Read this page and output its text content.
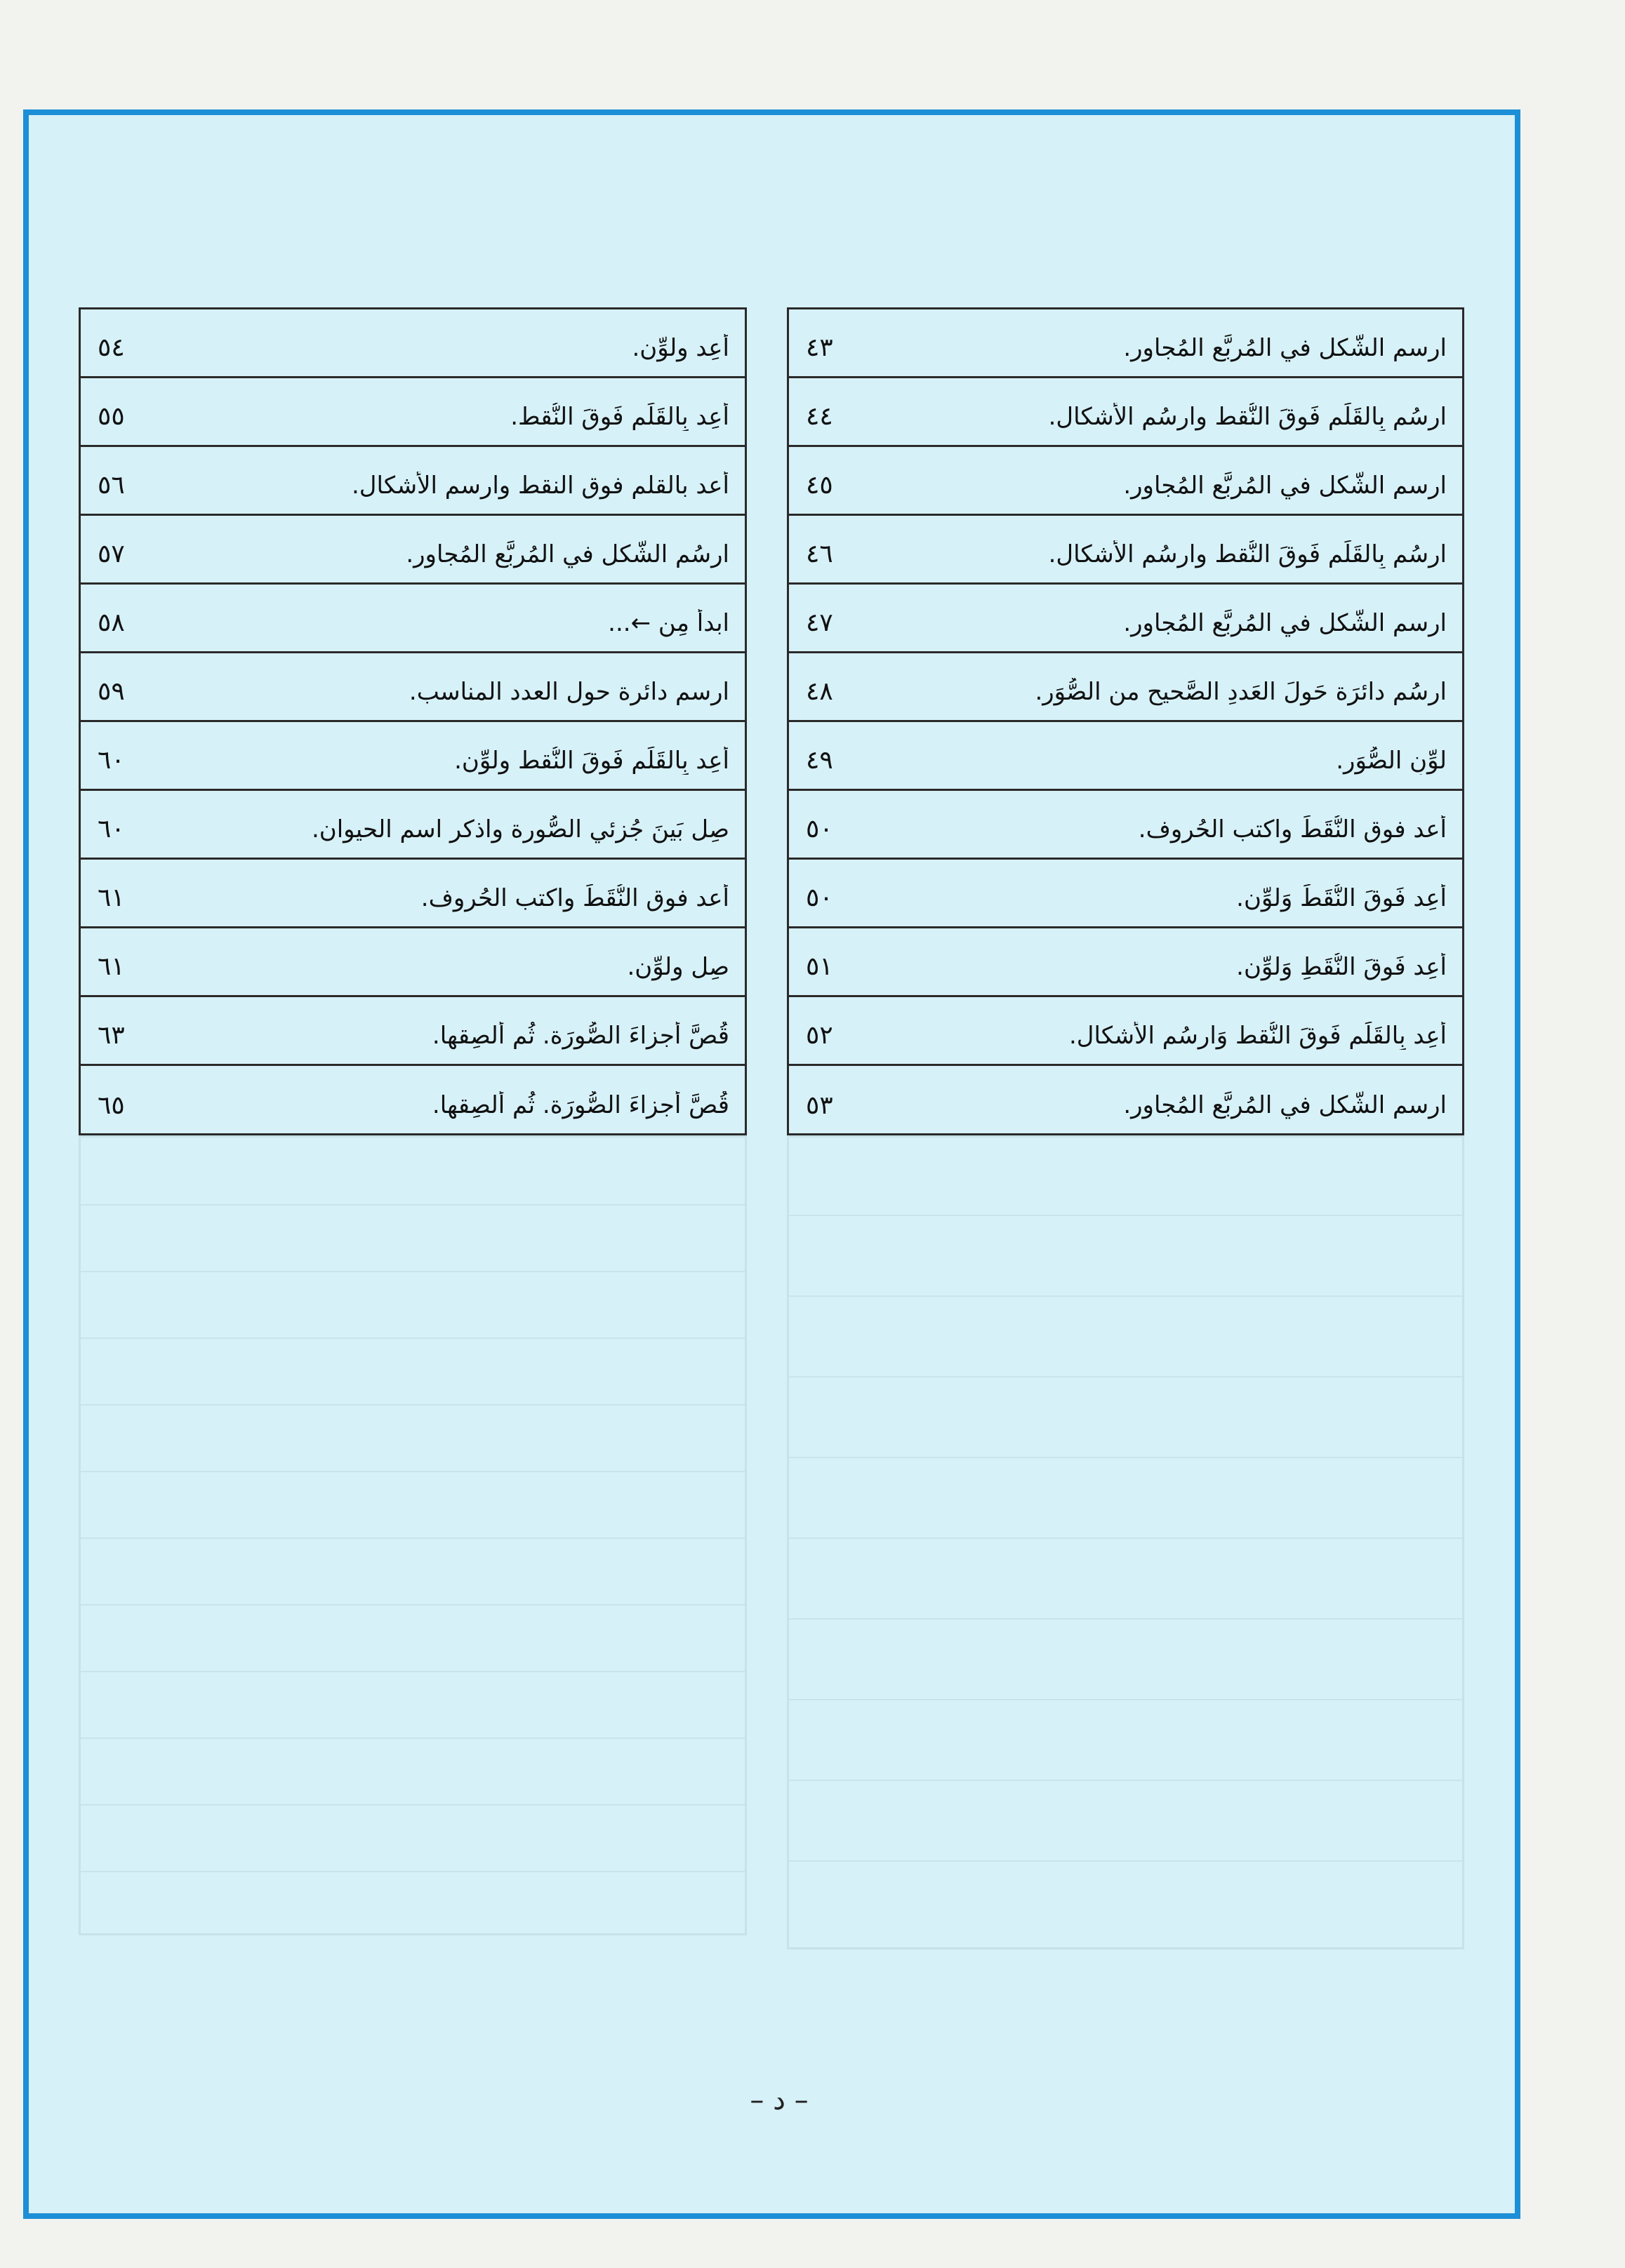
ارسمِ الشَّكل في المُربَّع المُجاور.
٤٣
ارسُم بِالقَلَم فَوقَ النُّقط وارسُمِ الأشكال.
٤٤
ارسمِ الشَّكل في المُربَّع المُجاور.
٤٥
ارسُم بِالقَلَم فَوقَ النُّقط وارسُمِ الأشكال.
٤٦
ارسمِ الشَّكل في المُربَّع المُجاور.
٤٧
ارسُم دائرَة حَولَ العَددِ الصَّحيح من الصُّوَر.
٤٨
لوِّنِ الصُّوَر.
٤٩
أعد فوق النُّقَطَ واكتب الحُروف.
٥٠
أعِد فَوقَ النُّقَطَ وَلوِّن.
٥٠
أعِد فَوقَ النُّقَطِ وَلوِّن.
٥١
أعِد بِالقَلَم فَوقَ النُّقط وَارسُمِ الأشكال.
٥٢
ارسمِ الشَّكل في المُربَّع المُجاور.
٥٣
أعِد ولوِّن.
٥٤
أعِد بِالقَلَم فَوقَ النُّقط.
٥٥
أعد بالقلم فوق النقط وارسم الأشكال.
٥٦
ارسُمِ الشَّكل في المُربَّع المُجاور.
٥٧
ابدأ مِن ←...
٥٨
ارسم دائرة حول العدد المناسب.
٥٩
أعِد بِالقَلَم فَوقَ النُّقط ولوِّن.
٦٠
صِل بَينَ جُزئي الصُّورة واذكر اسم الحيوان.
٦٠
أعد فوق النُّقَطَ واكتب الحُروف.
٦١
صِل ولوِّن.
٦١
قُصَّ أجزاءَ الصُّورَة. ثُم ألصِقها.
٦٣
قُصَّ أجزاءَ الصُّورَة. ثُم ألصِقها.
٦٥
– د –
